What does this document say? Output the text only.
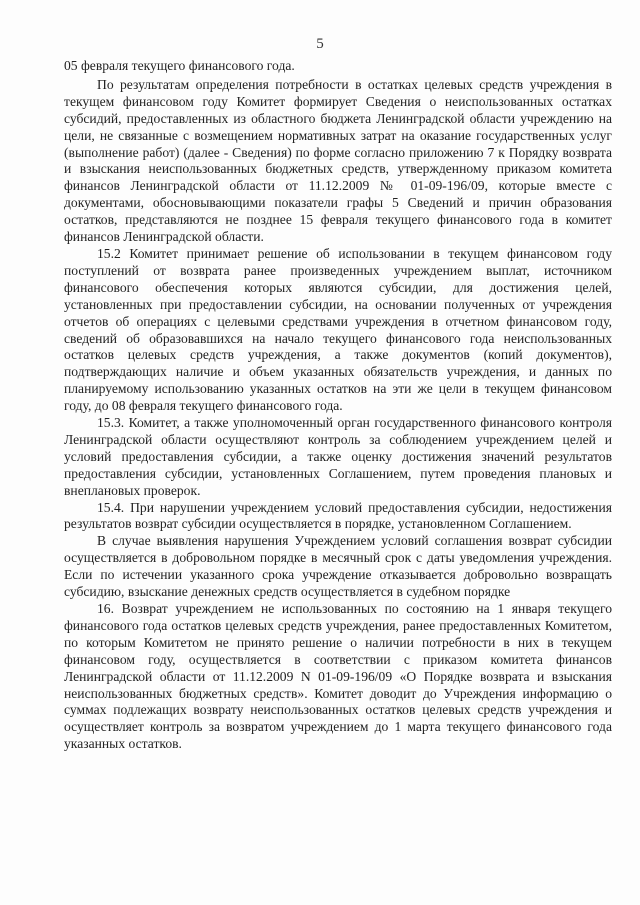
5

05 февраля текущего финансового года.

По результатам определения потребности в остатках целевых средств учреждения в текущем финансовом году Комитет формирует Сведения о неиспользованных остатках субсидий, предоставленных из областного бюджета Ленинградской области учреждению на цели, не связанные с возмещением нормативных затрат на оказание государственных услуг (выполнение работ) (далее - Сведения) по форме согласно приложению 7 к Порядку возврата и взыскания неиспользованных бюджетных средств, утвержденному приказом комитета финансов Ленинградской области от 11.12.2009 № 01-09-196/09, которые вместе с документами, обосновывающими показатели графы 5 Сведений и причин образования остатков, представляются не позднее 15 февраля текущего финансового года в комитет финансов Ленинградской области.

15.2 Комитет принимает решение об использовании в текущем финансовом году поступлений от возврата ранее произведенных учреждением выплат, источником финансового обеспечения которых являются субсидии, для достижения целей, установленных при предоставлении субсидии, на основании полученных от учреждения отчетов об операциях с целевыми средствами учреждения в отчетном финансовом году, сведений об образовавшихся на начало текущего финансового года неиспользованных остатков целевых средств учреждения, а также документов (копий документов), подтверждающих наличие и объем указанных обязательств учреждения, и данных по планируемому использованию указанных остатков на эти же цели в текущем финансовом году, до 08 февраля текущего финансового года.

15.3. Комитет, а также уполномоченный орган государственного финансового контроля Ленинградской области осуществляют контроль за соблюдением учреждением целей и условий предоставления субсидии, а также оценку достижения значений результатов предоставления субсидии, установленных Соглашением, путем проведения плановых и внеплановых проверок.

15.4. При нарушении учреждением условий предоставления субсидии, недостижения результатов возврат субсидии осуществляется в порядке, установленном Соглашением.

В случае выявления нарушения Учреждением условий соглашения возврат субсидии осуществляется в добровольном порядке в месячный срок с даты уведомления учреждения. Если по истечении указанного срока учреждение отказывается добровольно возвращать субсидию, взыскание денежных средств осуществляется в судебном порядке

16. Возврат учреждением не использованных по состоянию на 1 января текущего финансового года остатков целевых средств учреждения, ранее предоставленных Комитетом, по которым Комитетом не принято решение о наличии потребности в них в текущем финансовом году, осуществляется в соответствии с приказом комитета финансов Ленинградской области от 11.12.2009 N 01-09-196/09 «О Порядке возврата и взыскания неиспользованных бюджетных средств». Комитет доводит до Учреждения информацию о суммах подлежащих возврату неиспользованных остатков целевых средств учреждения и осуществляет контроль за возвратом учреждением до 1 марта текущего финансового года указанных остатков.
